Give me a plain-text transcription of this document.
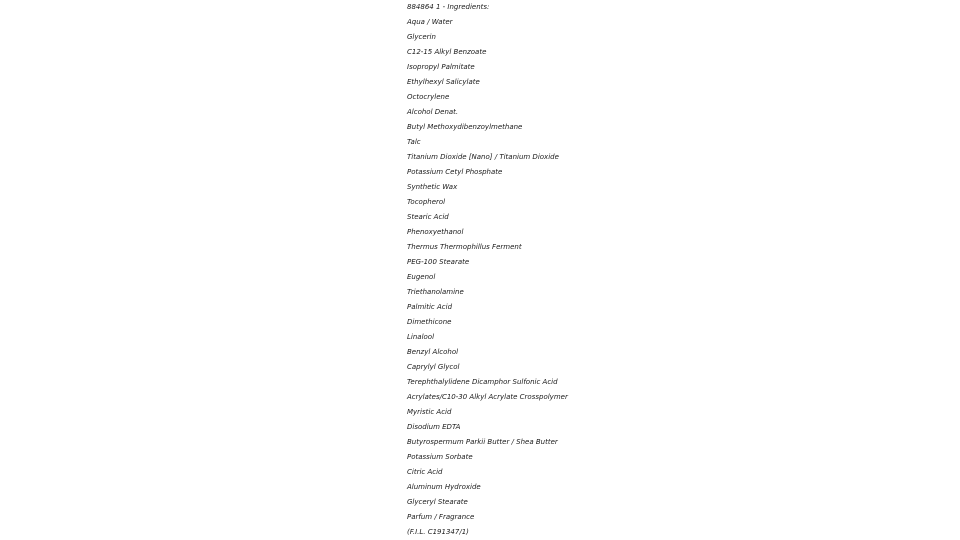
884864 1 - Ingredients:
Aqua / Water
Glycerin
C12-15 Alkyl Benzoate
Isopropyl Palmitate
Ethylhexyl Salicylate
Octocrylene
Alcohol Denat.
Butyl Methoxydibenzoylmethane
Talc
Titanium Dioxide [Nano] / Titanium Dioxide
Potassium Cetyl Phosphate
Synthetic Wax
Tocopherol
Stearic Acid
Phenoxyethanol
Thermus Thermophillus Ferment
PEG-100 Stearate
Eugenol
Triethanolamine
Palmitic Acid
Dimethicone
Linalool
Benzyl Alcohol
Caprylyl Glycol
Terephthalylidene Dicamphor Sulfonic Acid
Acrylates/C10-30 Alkyl Acrylate Crosspolymer
Myristic Acid
Disodium EDTA
Butyrospermum Parkii Butter / Shea Butter
Potassium Sorbate
Citric Acid
Aluminum Hydroxide
Glyceryl Stearate
Parfum / Fragrance
(F.I.L. C191347/1)
